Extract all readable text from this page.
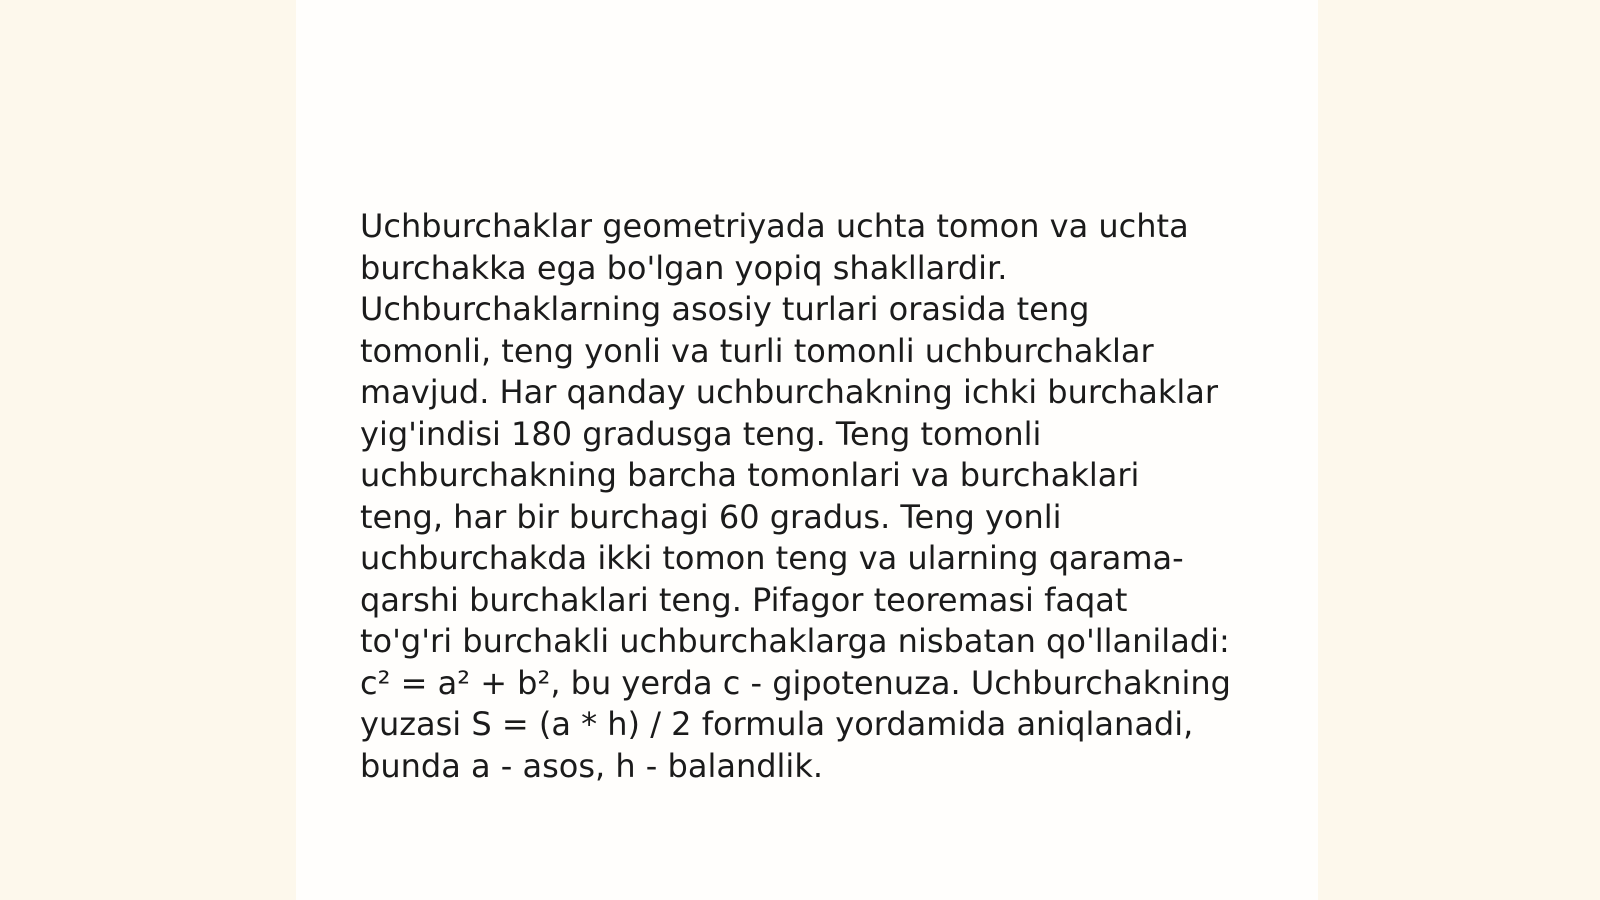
Uchburchaklar geometriyada uchta tomon va uchta
burchakka ega bo'lgan yopiq shakllardir.
Uchburchaklarning asosiy turlari orasida teng
tomonli, teng yonli va turli tomonli uchburchaklar
mavjud. Har qanday uchburchakning ichki burchaklar
yig'indisi 180 gradusga teng. Teng tomonli
uchburchakning barcha tomonlari va burchaklari
teng, har bir burchagi 60 gradus. Teng yonli
uchburchakda ikki tomon teng va ularning qarama-
qarshi burchaklari teng. Pifagor teoremasi faqat
to'g'ri burchakli uchburchaklarga nisbatan qo'llaniladi:
c² = a² + b², bu yerda c - gipotenuza. Uchburchakning
yuzasi S = (a * h) / 2 formula yordamida aniqlanadi,
bunda a - asos, h - balandlik.
